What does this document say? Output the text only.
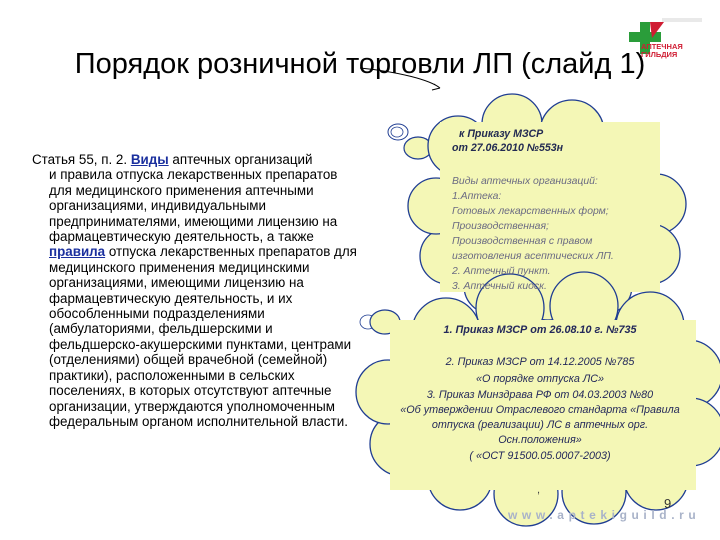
АПТЕЧНАЯ ГИЛЬДИЯ
Порядок розничной торговли ЛП (слайд 1)
Статья 55, п. 2. Виды аптечных организаций
и правила отпуска лекарственных препаратов для медицинского применения аптечными организациями, индивидуальными предпринимателями, имеющими лицензию на фармацевтическую деятельность, а также правила отпуска лекарственных препаратов для медицинского применения медицинскими организациями, имеющими лицензию на фармацевтическую деятельность, и их обособленными подразделениями (амбулаториями, фельдшерскими и фельдшерско-акушерскими пунктами, центрами (отделениями) общей врачебной (семейной) практики), расположенными в сельских поселениях, в которых отсутствуют аптечные организации, утверждаются уполномоченным федеральным органом исполнительной власти.
к Приказу МЗСР
от 27.06.2010 №553н
Виды аптечных организаций:
1.Аптека:
Готовых лекарственных форм;
Производственная;
Производственная с правом
изготовления асептических ЛП.
2. Аптечный пункт.
3. Аптечный киоск.
1. Приказ МЗСР от 26.08.10 г. №735
2. Приказ МЗСР от 14.12.2005 №785
«О порядке отпуска ЛС»
3. Приказ Минздрава РФ от 04.03.2003 №80
«Об утверждении Отраслевого стандарта «Правила
отпуска (реализации) ЛС в аптечных орг.
Осн.положения»
( «ОСТ 91500.05.0007-2003)
,
9
www.aptekiguild.ru
